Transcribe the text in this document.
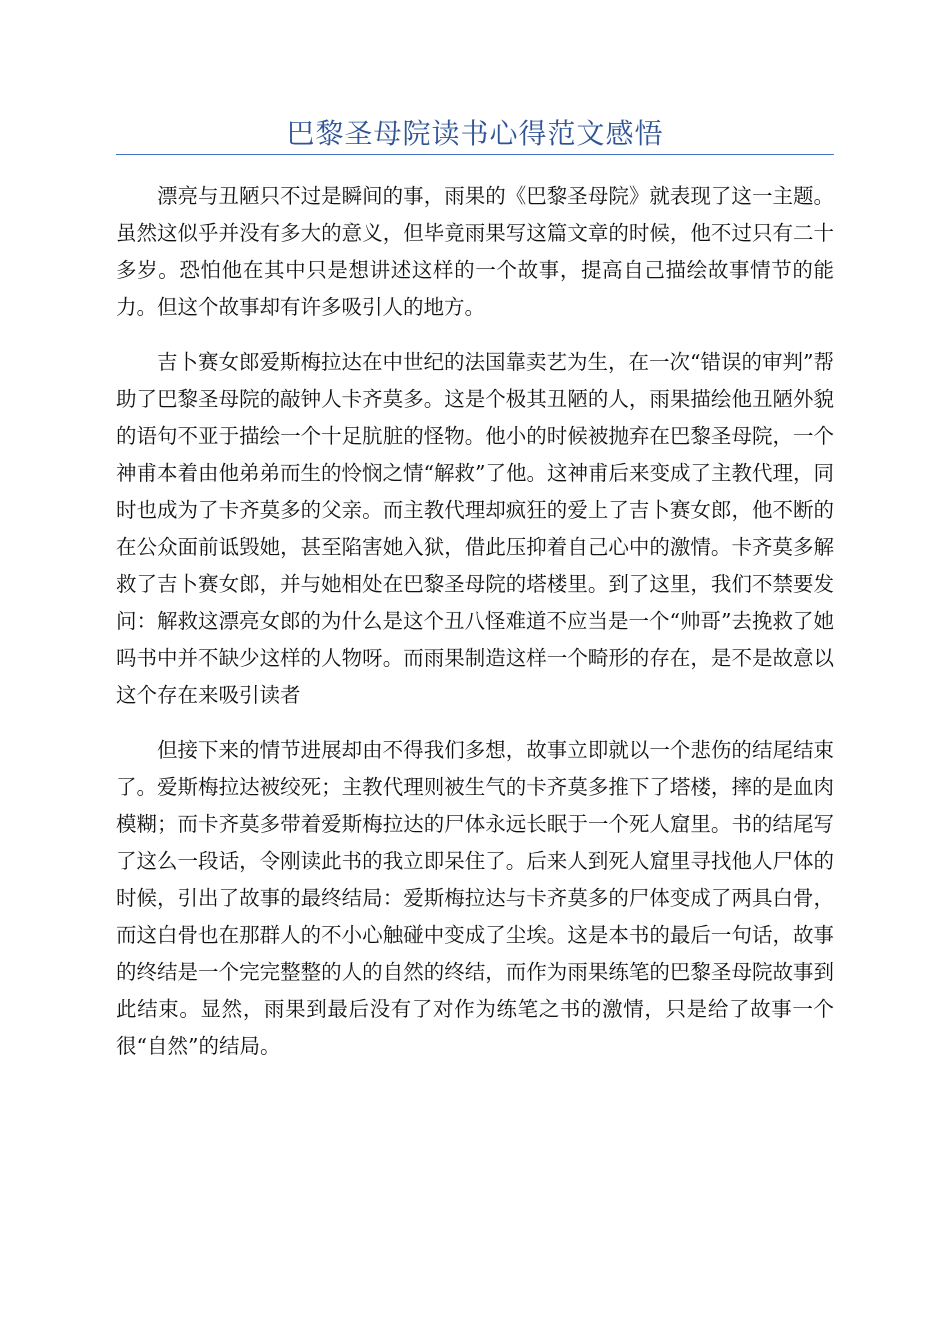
巴黎圣母院读书心得范文感悟

漂亮与丑陋只不过是瞬间的事，雨果的《巴黎圣母院》就表现了这一主题。虽然这似乎并没有多大的意义，但毕竟雨果写这篇文章的时候，他不过只有二十多岁。恐怕他在其中只是想讲述这样的一个故事，提高自己描绘故事情节的能力。但这个故事却有许多吸引人的地方。

吉卜赛女郎爱斯梅拉达在中世纪的法国靠卖艺为生，在一次“错误的审判”帮助了巴黎圣母院的敲钟人卡齐莫多。这是个极其丑陋的人，雨果描绘他丑陋外貌的语句不亚于描绘一个十足肮脏的怪物。他小的时候被抛弃在巴黎圣母院，一个神甫本着由他弟弟而生的怜悯之情“解救”了他。这神甫后来变成了主教代理，同时也成为了卡齐莫多的父亲。而主教代理却疯狂的爱上了吉卜赛女郎，他不断的在公众面前诋毁她，甚至陷害她入狱，借此压抑着自己心中的激情。卡齐莫多解救了吉卜赛女郎，并与她相处在巴黎圣母院的塔楼里。到了这里，我们不禁要发问：解救这漂亮女郎的为什么是这个丑八怪难道不应当是一个“帅哥”去挽救了她吗书中并不缺少这样的人物呀。而雨果制造这样一个畸形的存在，是不是故意以这个存在来吸引读者

但接下来的情节进展却由不得我们多想，故事立即就以一个悲伤的结尾结束了。爱斯梅拉达被绞死；主教代理则被生气的卡齐莫多推下了塔楼，摔的是血肉模糊；而卡齐莫多带着爱斯梅拉达的尸体永远长眠于一个死人窟里。书的结尾写了这么一段话，令刚读此书的我立即呆住了。后来人到死人窟里寻找他人尸体的时候，引出了故事的最终结局：爱斯梅拉达与卡齐莫多的尸体变成了两具白骨，而这白骨也在那群人的不小心触碰中变成了尘埃。这是本书的最后一句话，故事的终结是一个完完整整的人的自然的终结，而作为雨果练笔的巴黎圣母院故事到此结束。显然，雨果到最后没有了对作为练笔之书的激情，只是给了故事一个很“自然”的结局。
